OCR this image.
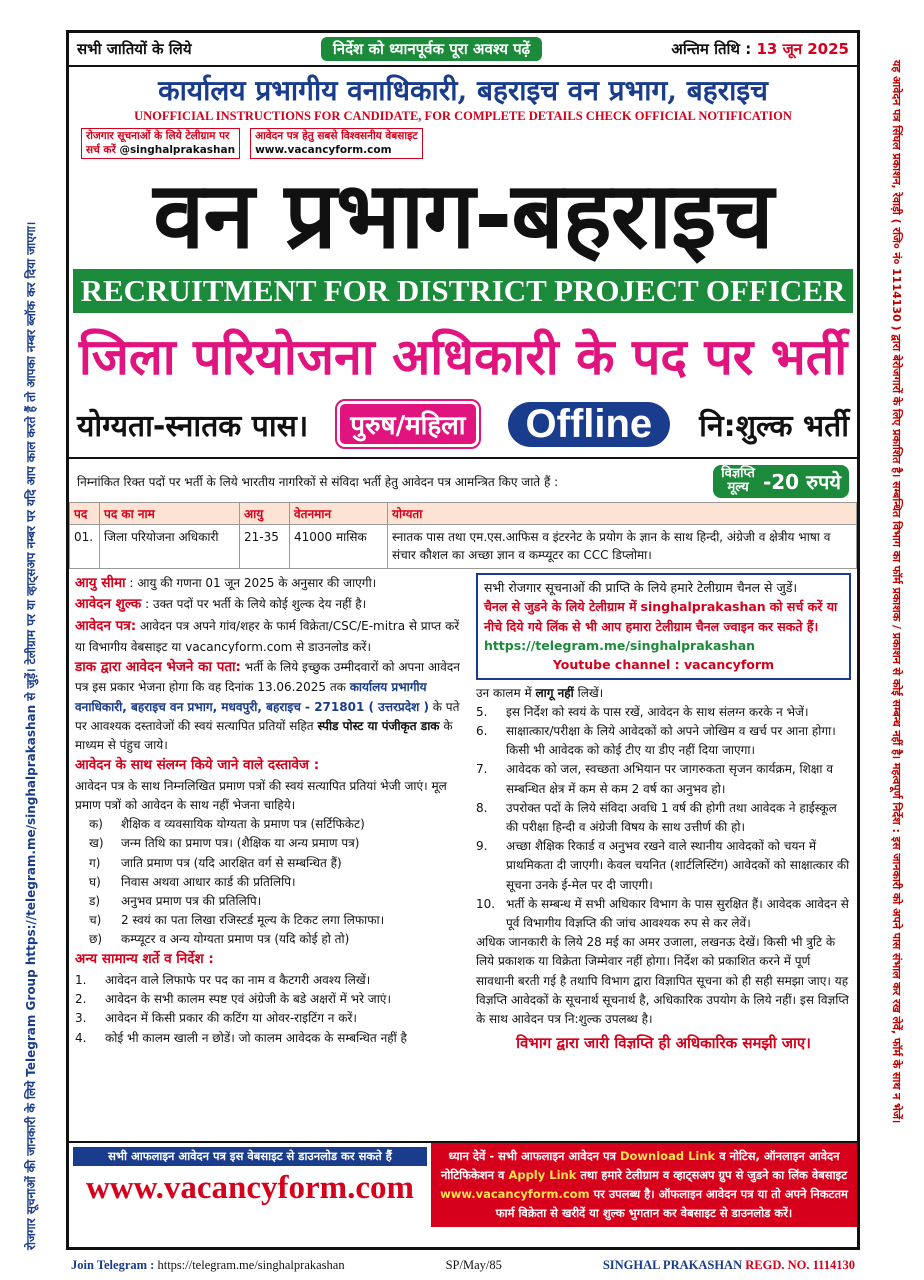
रोजगार सूचनाओं की जानकारी के लिये Telegram Group https://telegram.me/singhalprakashan से जुड़ें। टेलीग्राम पर या व्हाट्सअप नम्बर पर यदि आप काल करते हैं तो आपका नम्बर ब्लॉक कर दिया जाएगा।	यह आवेदन पत्र सिंघल प्रकाशन, रेवाड़ी ( रजि० नं० 1114130 ) द्वारा बेरोजगारों के लिए प्रकाशित है। सम्बन्धित विभाग का फॉर्म प्रकाशक / प्रकाशन से कोई सम्बन्ध नहीं है। महत्वपूर्ण निर्देश : इस जानकारी को अपने पास संभाल कर रख लेवें, फॉर्म के साथ न भेजें।
सभी जातियों के लिये	निर्देश को ध्यानपूर्वक पूरा अवश्य पढ़ें	अन्तिम तिथि : 13 जून 2025
कार्यालय प्रभागीय वनाधिकारी, बहराइच वन प्रभाग, बहराइच
UNOFFICIAL INSTRUCTIONS FOR CANDIDATE, FOR COMPLETE DETAILS CHECK OFFICIAL NOTIFICATION
रोजगार सूचनाओं के लिये टेलीग्राम पर
सर्च करें @singhalprakashan
आवेदन पत्र हेतु सबसे विश्वसनीय वेबसाइट
www.vacancyform.com
वन प्रभाग-बहराइच
RECRUITMENT FOR DISTRICT PROJECT OFFICER
जिला परियोजना अधिकारी के पद पर भर्ती
योग्यता-स्नातक पास।	पुरुष/महिला	Offline	नि:शुल्क भर्ती
निम्नांकित रिक्त पदों पर भर्ती के लिये भारतीय नागरिकों से संविदा भर्ती हेतु आवेदन पत्र आमन्त्रित किए जाते हैं :
विज्ञप्ति
मूल्य -20 रुपये
पद	पद का नाम	आयु	वेतनमान	योग्यता
01.	जिला परियोजना अधिकारी	21-35	41000 मासिक	स्नातक पास तथा एम.एस.आफिस व इंटरनेट के प्रयोग के ज्ञान के साथ हिन्दी, अंग्रेजी व क्षेत्रीय भाषा व संचार कौशल का अच्छा ज्ञान व कम्प्यूटर का CCC डिप्लोमा।
आयु सीमा : आयु की गणना 01 जून 2025 के अनुसार की जाएगी।
आवेदन शुल्क : उक्त पदों पर भर्ती के लिये कोई शुल्क देय नहीं है।
आवेदन पत्र: आवेदन पत्र अपने गांव/शहर के फार्म विक्रेता/CSC/E-mitra से प्राप्त करें या विभागीय वेबसाइट या vacancyform.com से डाउनलोड करें।
डाक द्वारा आवेदन भेजने का पता: भर्ती के लिये इच्छुक उम्मीदवारों को अपना आवेदन पत्र इस प्रकार भेजना होगा कि वह दिनांक 13.06.2025 तक कार्यालय प्रभागीय वनाधिकारी, बहराइच वन प्रभाग, मधवपुरी, बहराइच - 271801 ( उत्तरप्रदेश ) के पते पर आवश्यक दस्तावेजों की स्वयं सत्यापित प्रतियों सहित स्पीड पोस्ट या पंजीकृत डाक के माध्यम से पंहुच जाये।
आवेदन के साथ संलग्न किये जाने वाले दस्तावेज :
आवेदन पत्र के साथ निम्नलिखित प्रमाण पत्रों की स्वयं सत्यापित प्रतियां भेजी जाएं। मूल प्रमाण पत्रों को आवेदन के साथ नहीं भेजना चाहिये।
क)	शैक्षिक व व्यवसायिक योग्यता के प्रमाण पत्र (सर्टिफिकेट)
ख)	जन्म तिथि का प्रमाण पत्र। (शैक्षिक या अन्य प्रमाण पत्र)
ग)	जाति प्रमाण पत्र (यदि आरक्षित वर्ग से सम्बन्धित हैं)
घ)	निवास अथवा आधार कार्ड की प्रतिलिपि।
ड)	अनुभव प्रमाण पत्र की प्रतिलिपि।
च)	2 स्वयं का पता लिखा रजिस्टर्ड मूल्य के टिकट लगा लिफाफा।
छ)	कम्प्यूटर व अन्य योग्यता प्रमाण पत्र (यदि कोई हो तो)
अन्य सामान्य शर्ते व निर्देश :
1.	आवेदन वाले लिफाफे पर पद का नाम व कैटगरी अवश्य लिखें।
2.	आवेदन के सभी कालम स्पष्ट एवं अंग्रेजी के बडे अक्षरों में भरे जाएं।
3.	आवेदन में किसी प्रकार की कटिंग या ओवर-राइटिंग न करें।
4.	कोई भी कालम खाली न छोडें। जो कालम आवेदक के सम्बन्धित नहीं है
सभी रोजगार सूचनाओं की प्राप्ति के लिये हमारे टेलीग्राम चैनल से जुडें।
चैनल से जुडने के लिये टेलीग्राम में singhalprakashan को सर्च करें या नीचे दिये गये लिंक से भी आप हमारा टेलीग्राम चैनल ज्वाइन कर सकते हैं। https://telegram.me/singhalprakashan
Youtube channel : vacancyform
उन कालम में लागू नहीं लिखें।
5.	इस निर्देश को स्वयं के पास रखें, आवेदन के साथ संलग्न करके न भेजें।
6.	साक्षात्कार/परीक्षा के लिये आवेदकों को अपने जोखिम व खर्च पर आना होगा। किसी भी आवेदक को कोई टीए या डीए नहीं दिया जाएगा।
7.	आवेदक को जल, स्वच्छता अभियान पर जागरुकता सृजन कार्यक्रम, शिक्षा व सम्बन्धित क्षेत्र में कम से कम 2 वर्ष का अनुभव हो।
8.	उपरोक्त पदों के लिये संविदा अवधि 1 वर्ष की होगी तथा आवेदक ने हाईस्कूल की परीक्षा हिन्दी व अंग्रेजी विषय के साथ उत्तीर्ण की हो।
9.	अच्छा शैक्षिक रिकार्ड व अनुभव रखने वाले स्थानीय आवेदकों को चयन में प्राथमिकता दी जाएगी। केवल चयनित (शार्टलिस्टिंग) आवेदकों को साक्षात्कार की सूचना उनके ई-मेल पर दी जाएगी।
10. भर्ती के सम्बन्ध में सभी अधिकार विभाग के पास सुरक्षित हैं। आवेदक आवेदन से पूर्व विभागीय विज्ञप्ति की जांच आवश्यक रुप से कर लेवें।
अधिक जानकारी के लिये 28 मई का अमर उजाला, लखनऊ देखें। किसी भी त्रुटि के लिये प्रकाशक या विक्रेता जिम्मेवार नहीं होगा। निर्देश को प्रकाशित करने में पूर्ण सावधानी बरती गई है तथापि विभाग द्वारा विज्ञापित सूचना को ही सही समझा जाए। यह विज्ञप्ति आवेदकों के सूचनार्थ सूचनार्थ है, अधिकारिक उपयोग के लिये नहीं। इस विज्ञप्ति के साथ आवेदन पत्र नि:शुल्क उपलब्ध है।
विभाग द्वारा जारी विज्ञप्ति ही अधिकारिक समझी जाए।
सभी आफलाइन आवेदन पत्र इस वेबसाइट से डाउनलोड कर सकते हैं
www.vacancyform.com
ध्यान देवें - सभी आफलाइन आवेदन पत्र Download Link व नोटिस, ऑनलाइन आवेदन नोटिफिकेशन व Apply Link तथा हमारे टेलीग्राम व व्हाट्सअप ग्रुप से जुडने का लिंक वेबसाइट www.vacancyform.com पर उपलब्ध है। ऑफलाइन आवेदन पत्र या तो अपने निकटतम फार्म विक्रेता से खरीदें या शुल्क भुगतान कर वेबसाइट से डाउनलोड करें।
Join Telegram : https://telegram.me/singhalprakashan	SP/May/85	SINGHAL PRAKASHAN REGD. NO. 1114130
